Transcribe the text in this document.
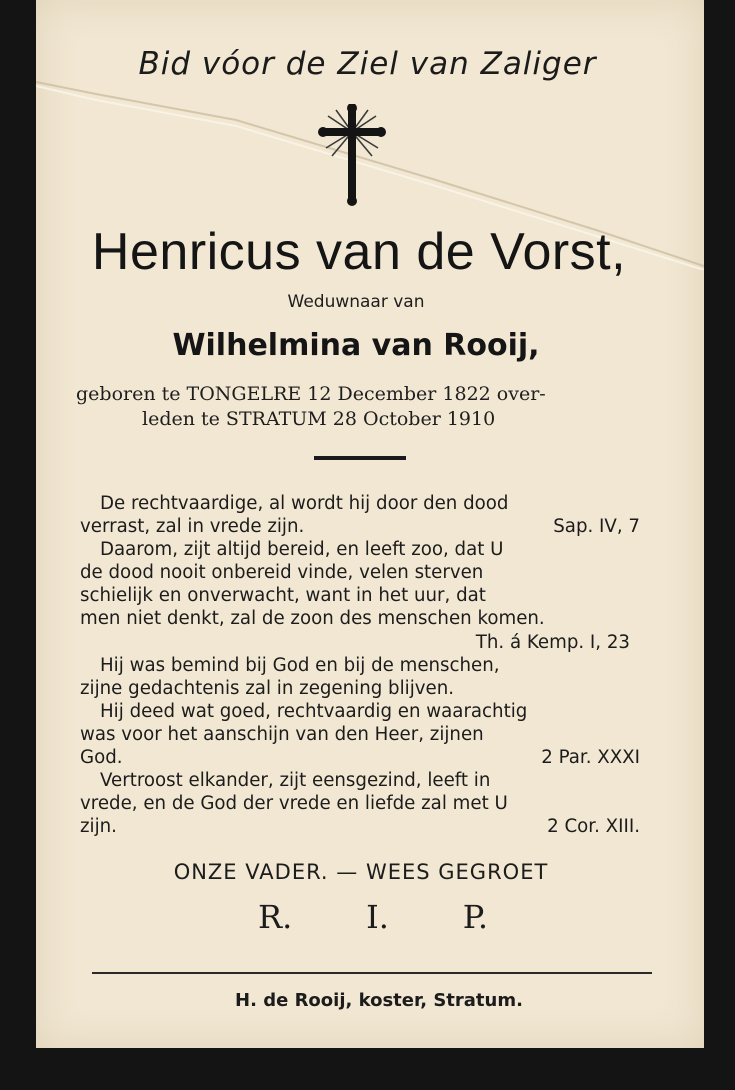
Bid vóor de Ziel van Zaliger
Henricus van de Vorst,
Weduwnaar van
Wilhelmina van Rooij,
geboren te TONGELRE 12 December 1822 over-
leden te STRATUM 28 October 1910
De rechtvaardige, al wordt hij door den dood
verrast, zal in vrede zijn.	Sap. IV, 7
Daarom, zijt altijd bereid, en leeft zoo, dat U
de dood nooit onbereid vinde, velen sterven
schielijk en onverwacht, want in het uur, dat
men niet denkt, zal de zoon des menschen komen.
Th. á Kemp. I, 23
Hij was bemind bij God en bij de menschen,
zijne gedachtenis zal in zegening blijven.
Hij deed wat goed, rechtvaardig en waarachtig
was voor het aanschijn van den Heer, zijnen
God.	2 Par. XXXI
Vertroost elkander, zijt eensgezind, leeft in
vrede, en de God der vrede en liefde zal met U
zijn.	2 Cor. XIII.
ONZE VADER. — WEES GEGROET
R. I. P.
H. de Rooij, koster, Stratum.
